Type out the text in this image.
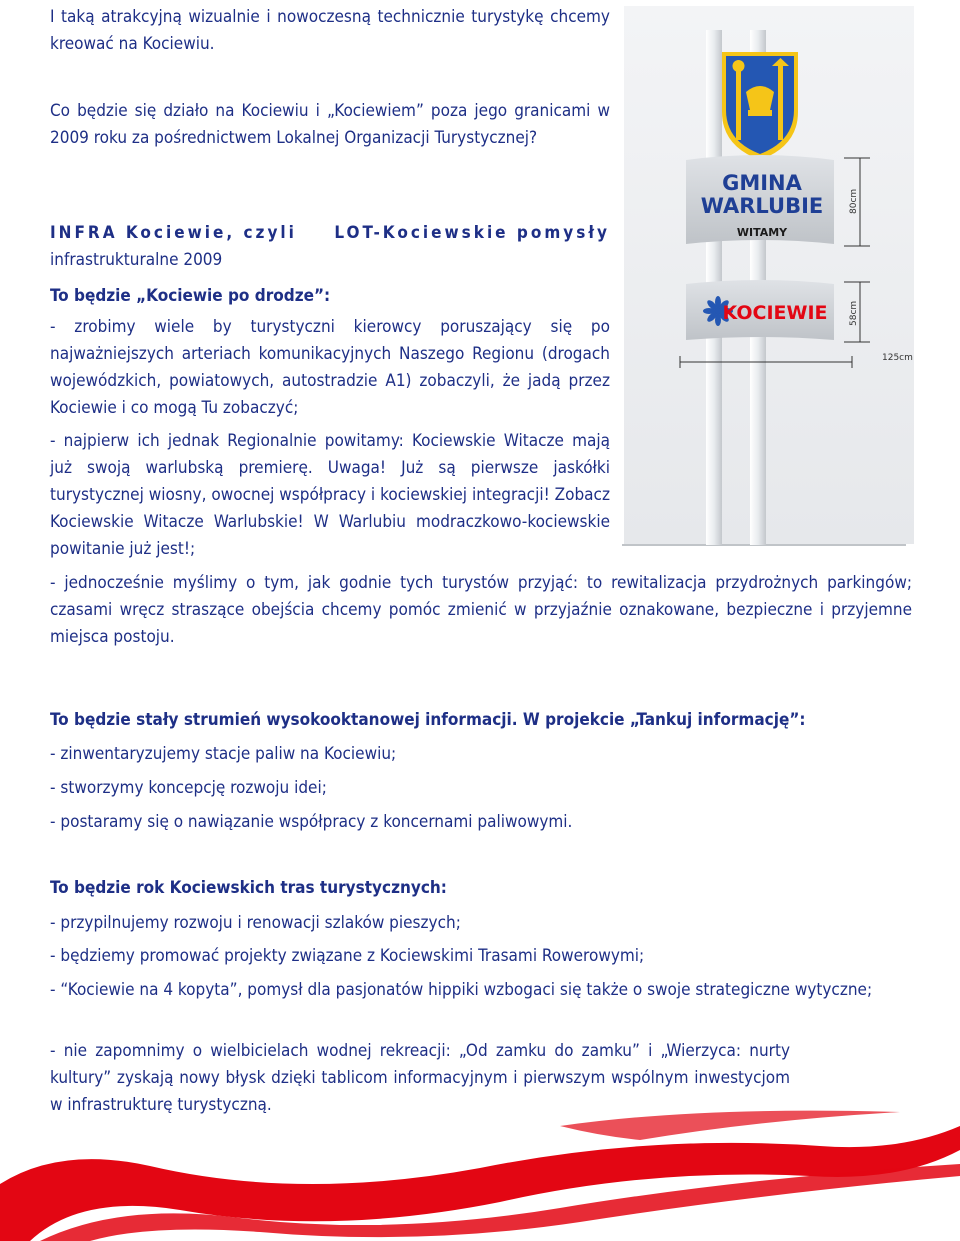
I taką atrakcyjną wizualnie i nowoczesną technicznie turystykę chcemy kreować na Kociewiu.

Co będzie się działo na Kociewiu i „Kociewiem” poza jego granicami w 2009 roku za pośrednictwem Lokalnej Organizacji Turystycznej?

INFRA Kociewie, czyli LOT-Kociewskie pomysły
infrastrukturalne 2009

To będzie „Kociewie po drodze”:

- zrobimy wiele by turystyczni kierowcy poruszający się po najważniejszych arteriach komunikacyjnych Naszego Regionu (drogach wojewódzkich, powiatowych, autostradzie A1) zobaczyli, że jadą przez Kociewie i co mogą Tu zobaczyć;

- najpierw ich jednak Regionalnie powitamy: Kociewskie Witacze mają już swoją warlubską premierę. Uwaga! Już są pierwsze jaskółki turystycznej wiosny, owocnej współpracy i kociewskiej integracji! Zobacz Kociewskie Witacze Warlubskie! W Warlubiu modraczkowo-kociewskie powitanie już jest!;

- jednocześnie myślimy o tym, jak godnie tych turystów przyjąć: to rewitalizacja przydrożnych parkingów; czasami wręcz straszące obejścia chcemy pomóc zmienić w przyjaźnie oznakowane, bezpieczne i przyjemne miejsca postoju.

To będzie stały strumień wysokooktanowej informacji. W projekcie „Tankuj informację”:

- zinwentaryzujemy stacje paliw na Kociewiu;

- stworzymy koncepcję rozwoju idei;

- postaramy się o nawiązanie współpracy z koncernami paliwowymi.

To będzie rok Kociewskich tras turystycznych:

- przypilnujemy rozwoju i renowacji szlaków pieszych;

- będziemy promować projekty związane z Kociewskimi Trasami Rowerowymi;

- “Kociewie na 4 kopyta”, pomysł dla pasjonatów hippiki wzbogaci się także o swoje strategiczne wytyczne;

- nie zapomnimy o wielbicielach wodnej rekreacji: „Od zamku do zamku” i „Wierzyca: nurty kultury” zyskają nowy błysk dzięki tablicom informacyjnym i pierwszym wspólnym inwestycjom w infrastrukturę turystyczną.

GMINA
WARLUBIE
WITAMY
KOCIEWIE
80cm
58cm
125cm
